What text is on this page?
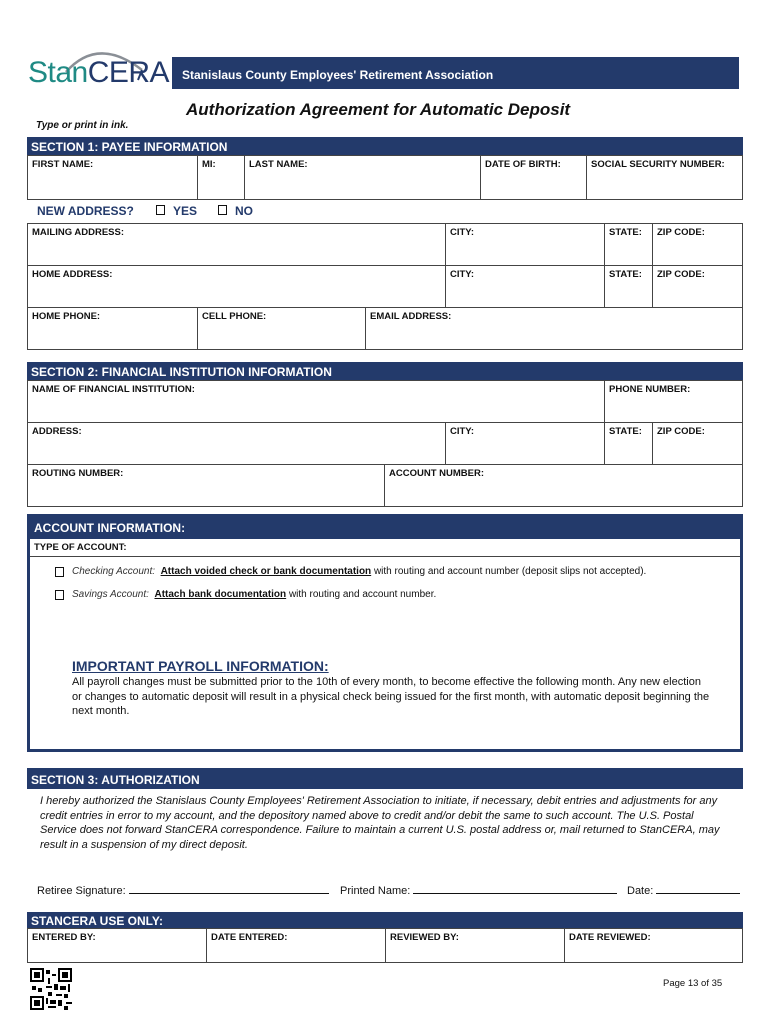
StanCERA	Stanislaus County Employees' Retirement Association
Authorization Agreement for Automatic Deposit
Type or print in ink.
SECTION 1: PAYEE INFORMATION
FIRST NAME:	MI:	LAST NAME:	DATE OF BIRTH:	SOCIAL SECURITY NUMBER:
NEW ADDRESS?	YES	NO
MAILING ADDRESS:	CITY:	STATE: ZIP CODE:
HOME ADDRESS:	CITY:	STATE: ZIP CODE:
HOME PHONE:	CELL PHONE:	EMAIL ADDRESS:
SECTION 2: FINANCIAL INSTITUTION INFORMATION
NAME OF FINANCIAL INSTITUTION:	PHONE NUMBER:
ADDRESS:	CITY:	STATE: ZIP CODE:
ROUTING NUMBER:	ACCOUNT NUMBER:
ACCOUNT INFORMATION:
TYPE OF ACCOUNT:
Checking Account: Attach voided check or bank documentation with routing and account number (deposit slips not accepted).
Savings Account: Attach bank documentation with routing and account number.
IMPORTANT PAYROLL INFORMATION:
All payroll changes must be submitted prior to the 10th of every month, to become effective the following month. Any new election or changes to automatic deposit will result in a physical check being issued for the first month, with automatic deposit beginning the next month.
SECTION 3: AUTHORIZATION
I hereby authorized the Stanislaus County Employees' Retirement Association to initiate, if necessary, debit entries and adjustments for any credit entries in error to my account, and the depository named above to credit and/or debit the same to such account. The U.S. Postal Service does not forward StanCERA correspondence. Failure to maintain a current U.S. postal address or, mail returned to StanCERA, may result in a suspension of my direct deposit.
Retiree Signature:	Printed Name:	Date:
STANCERA USE ONLY:
ENTERED BY:	DATE ENTERED:	REVIEWED BY:	DATE REVIEWED:
Page 13 of 35
